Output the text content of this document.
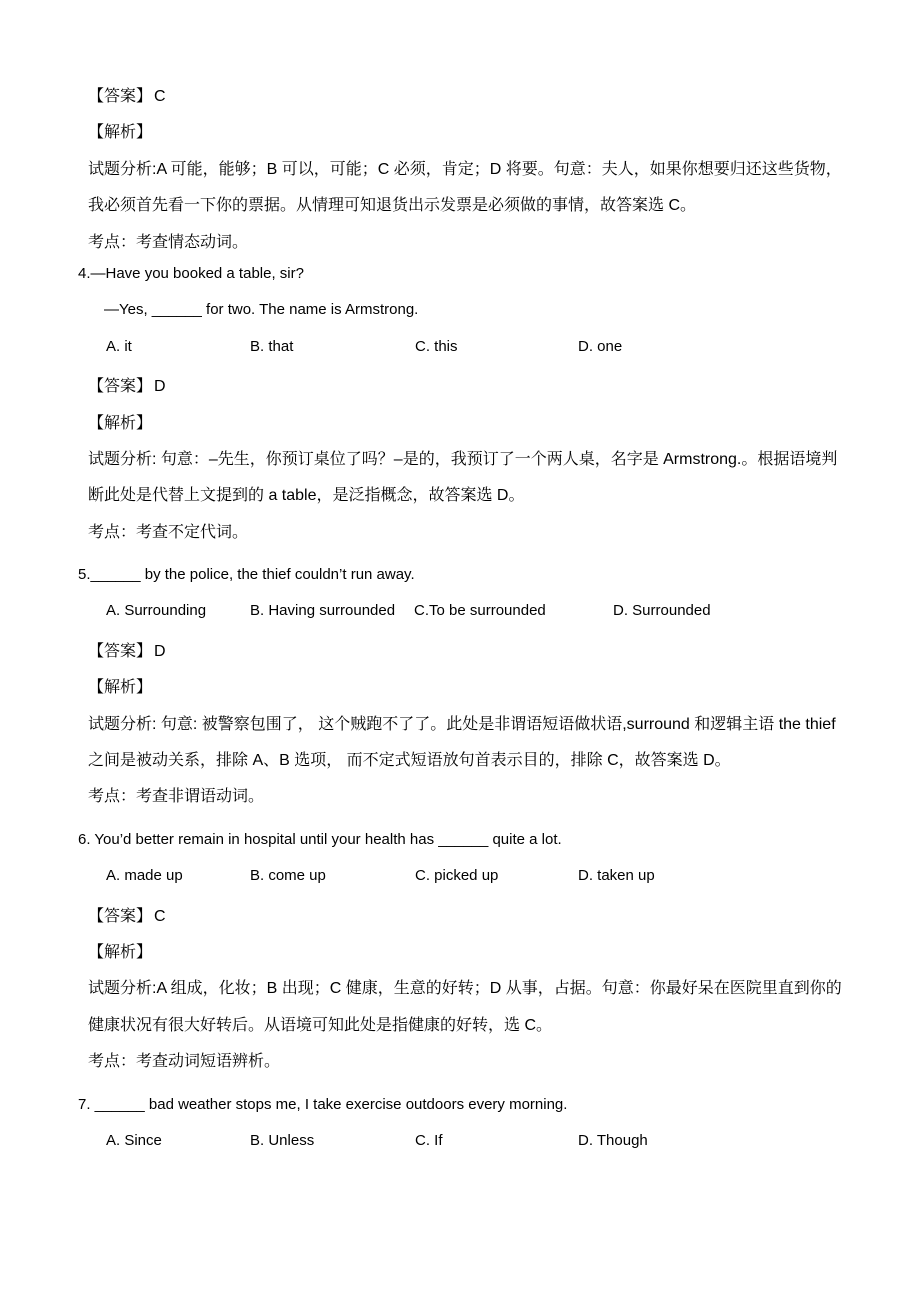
【答案】 C

【解析】

试题分析:A 可能，能够；B 可以，可能；C 必须，肯定；D 将要。句意：夫人，如果你想要归还这些货物，

我必须首先看一下你的票据。从情理可知退货出示发票是必须做的事情，故答案选 C。

考点：考查情态动词。

4.—Have you booked a table, sir?

—Yes, ______ for two. The name is Armstrong.

A. it	B. that	C. this	D. one

【答案】 D

【解析】

试题分析: 句意：–先生，你预订桌位了吗？–是的，我预订了一个两人桌，名字是 Armstrong.。根据语境判

断此处是代替上文提到的 a table，是泛指概念，故答案选 D。

考点：考查不定代词。

5.______ by the police, the thief couldn’t run away.

A. Surrounding	B. Having surrounded	C.To be surrounded	D. Surrounded

【答案】 D

【解析】

试题分析: 句意: 被警察包围了， 这个贼跑不了了。此处是非谓语短语做状语,surround 和逻辑主语 the thief

之间是被动关系，排除 A、B 选项， 而不定式短语放句首表示目的，排除 C，故答案选 D。

考点：考查非谓语动词。

6. You’d better remain in hospital until your health has ______ quite a lot.

A. made up	B. come up	C. picked up	D. taken up

【答案】 C

【解析】

试题分析:A 组成，化妆；B 出现；C 健康，生意的好转；D 从事，占据。句意：你最好呆在医院里直到你的

健康状况有很大好转后。从语境可知此处是指健康的好转，选 C。

考点：考查动词短语辨析。

7. ______ bad weather stops me, I take exercise outdoors every morning.

A. Since	B. Unless	C. If	D. Though
